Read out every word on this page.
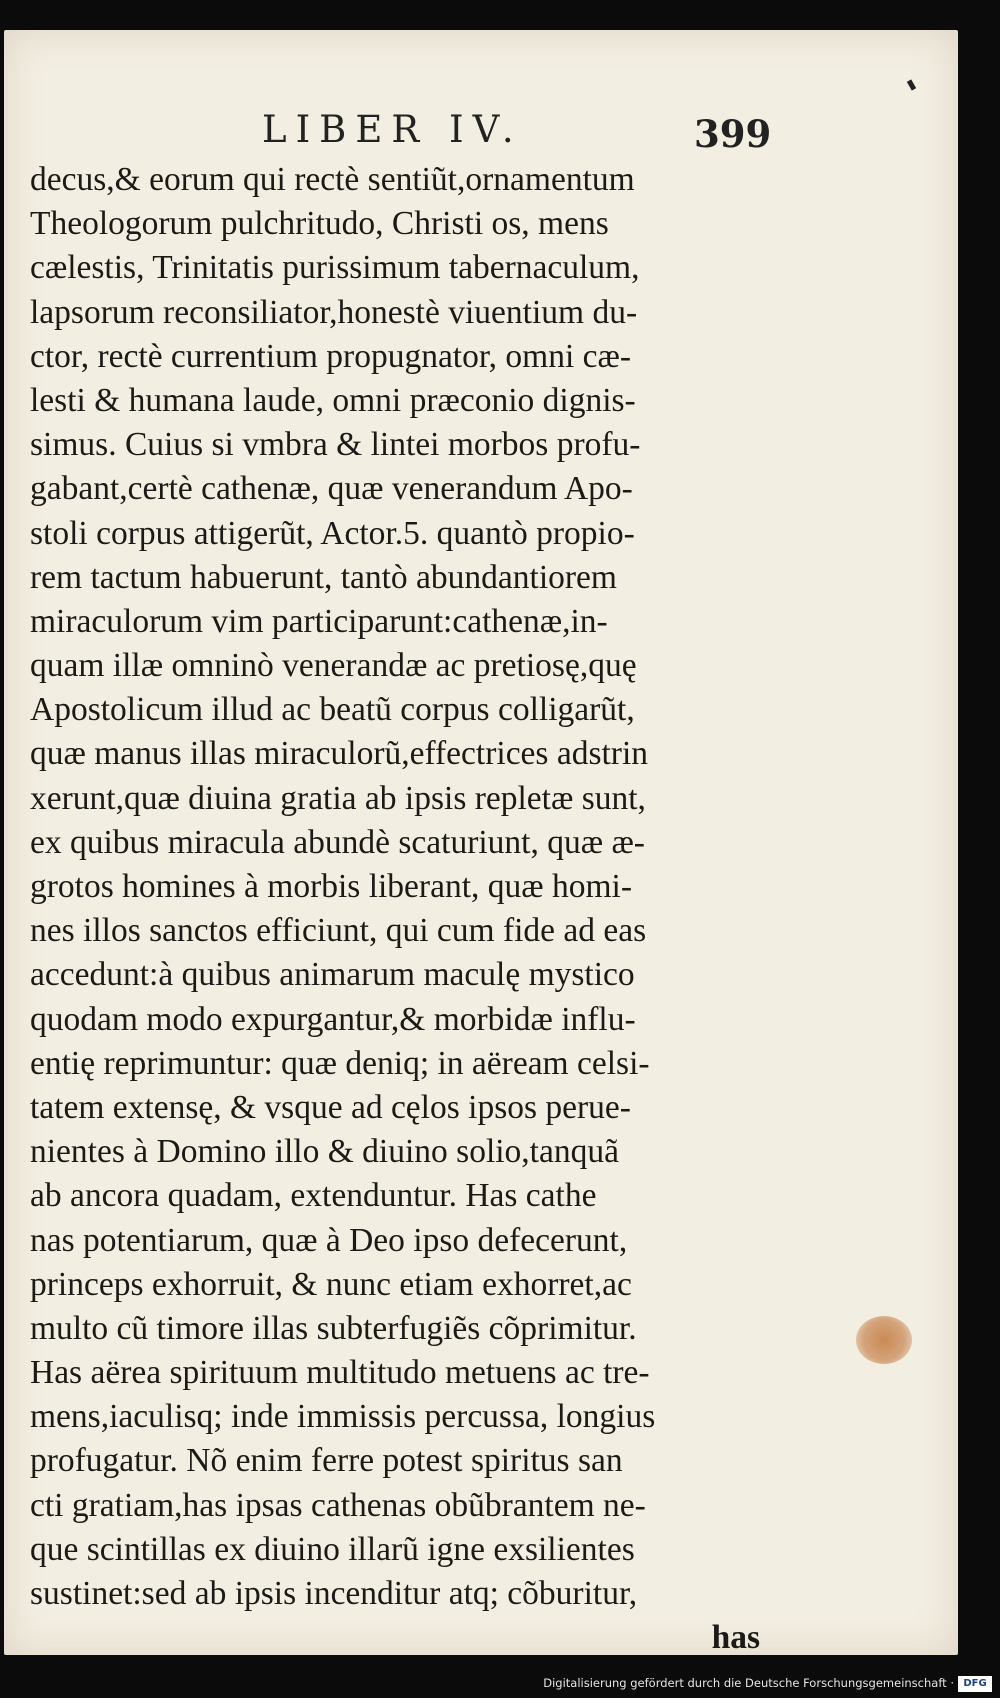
LIBER IV.	399
decus,& eorum qui rectè sentiũt,ornamentum
Theologorum pulchritudo, Christi os, mens
cælestis, Trinitatis purissimum tabernaculum,
lapsorum reconsiliator,honestè viuentium du-
ctor, rectè currentium propugnator, omni cæ-
lesti & humana laude, omni præconio dignis-
simus. Cuius si vmbra & lintei morbos profu-
gabant,certè cathenæ, quæ venerandum Apo-
stoli corpus attigerũt, Actor.5. quantò propio-
rem tactum habuerunt, tantò abundantiorem
miraculorum vim participarunt:cathenæ,in-
quam illæ omninò venerandæ ac pretiosę,quę
Apostolicum illud ac beatũ corpus colligarũt,
quæ manus illas miraculorũ,effectrices adstrin
xerunt,quæ diuina gratia ab ipsis repletæ sunt,
ex quibus miracula abundè scaturiunt, quæ æ-
grotos homines à morbis liberant, quæ homi-
nes illos sanctos efficiunt, qui cum fide ad eas
accedunt:à quibus animarum maculę mystico
quodam modo expurgantur,& morbidæ influ-
entię reprimuntur: quæ deniq; in aëream celsi-
tatem extensę, & vsque ad cęlos ipsos perue-
nientes à Domino illo & diuino solio,tanquã
ab ancora quadam, extenduntur. Has cathe
nas potentiarum, quæ à Deo ipso defecerunt,
princeps exhorruit, & nunc etiam exhorret,ac
multo cũ timore illas subterfugiẽs cõprimitur.
Has aërea spirituum multitudo metuens ac tre-
mens,iaculisq; inde immissis percussa, longius
profugatur. Nõ enim ferre potest spiritus san
cti gratiam,has ipsas cathenas obũbrantem ne-
que scintillas ex diuino illarũ igne exsilientes
sustinet:sed ab ipsis incenditur atq; cõburitur,
has
Digitalisierung gefördert durch die Deutsche Forschungsgemeinschaft · DFG
